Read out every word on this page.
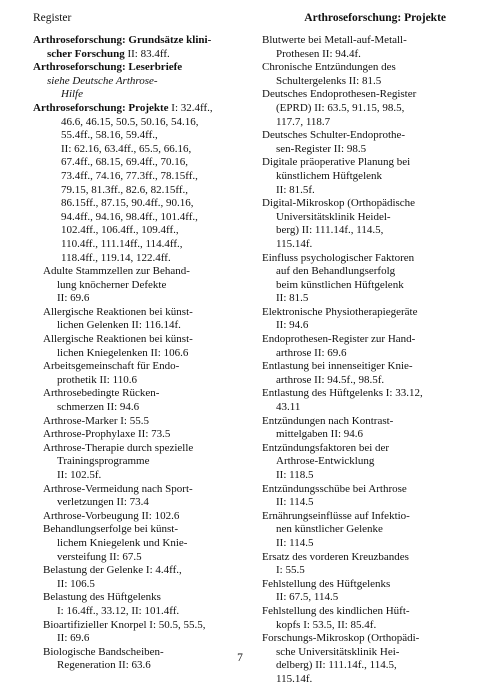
Register	Arthroseforschung: Projekte
Arthroseforschung: Grundsätze klini-
scher Forschung II: 83.4ff.
Arthroseforschung: Leserbriefe
siehe Deutsche Arthrose-
Hilfe
Arthroseforschung: Projekte I: 32.4ff.,
46.6, 46.15, 50.5, 50.16, 54.16,
55.4ff., 58.16, 59.4ff.,
II: 62.16, 63.4ff., 65.5, 66.16,
67.4ff., 68.15, 69.4ff., 70.16,
73.4ff., 74.16, 77.3ff., 78.15ff.,
79.15, 81.3ff., 82.6, 82.15ff.,
86.15ff., 87.15, 90.4ff., 90.16,
94.4ff., 94.16, 98.4ff., 101.4ff.,
102.4ff., 106.4ff., 109.4ff.,
110.4ff., 111.14ff., 114.4ff.,
118.4ff., 119.14, 122.4ff.
Adulte Stammzellen zur Behand-
lung knöcherner Defekte
II: 69.6
Allergische Reaktionen bei künst-
lichen Gelenken II: 116.14f.
Allergische Reaktionen bei künst-
lichen Kniegelenken II: 106.6
Arbeitsgemeinschaft für Endo-
prothetik II: 110.6
Arthrosebedingte Rücken-
schmerzen II: 94.6
Arthrose-Marker I: 55.5
Arthrose-Prophylaxe II: 73.5
Arthrose-Therapie durch spezielle
Trainingsprogramme
II: 102.5f.
Arthrose-Vermeidung nach Sport-
verletzungen II: 73.4
Arthrose-Vorbeugung II: 102.6
Behandlungserfolge bei künst-
lichem Kniegelenk und Knie-
versteifung II: 67.5
Belastung der Gelenke I: 4.4ff.,
II: 106.5
Belastung des Hüftgelenks
I: 16.4ff., 33.12, II: 101.4ff.
Bioartifizieller Knorpel I: 50.5, 55.5,
II: 69.6
Biologische Bandscheiben-
Regeneration II: 63.6
Blutwerte bei Metall-auf-Metall-
Prothesen II: 94.4f.
Chronische Entzündungen des
Schultergelenks II: 81.5
Deutsches Endoprothesen-Register
(EPRD) II: 63.5, 91.15, 98.5,
117.7, 118.7
Deutsches Schulter-Endoprothe-
sen-Register II: 98.5
Digitale präoperative Planung bei
künstlichem Hüftgelenk
II: 81.5f.
Digital-Mikroskop (Orthopädische
Universitätsklinik Heidel-
berg) II: 111.14f., 114.5,
115.14f.
Einfluss psychologischer Faktoren
auf den Behandlungserfolg
beim künstlichen Hüftgelenk
II: 81.5
Elektronische Physiotherapiegeräte
II: 94.6
Endoprothesen-Register zur Hand-
arthrose II: 69.6
Entlastung bei innenseitiger Knie-
arthrose II: 94.5f., 98.5f.
Entlastung des Hüftgelenks I: 33.12,
43.11
Entzündungen nach Kontrast-
mittelgaben II: 94.6
Entzündungsfaktoren bei der
Arthrose-Entwicklung
II: 118.5
Entzündungsschübe bei Arthrose
II: 114.5
Ernährungseinflüsse auf Infektio-
nen künstlicher Gelenke
II: 114.5
Ersatz des vorderen Kreuzbandes
I: 55.5
Fehlstellung des Hüftgelenks
II: 67.5, 114.5
Fehlstellung des kindlichen Hüft-
kopfs I: 53.5, II: 85.4f.
Forschungs-Mikroskop (Orthopädi-
sche Universitätsklinik Hei-
delberg) II: 111.14f., 114.5,
115.14f.
7
